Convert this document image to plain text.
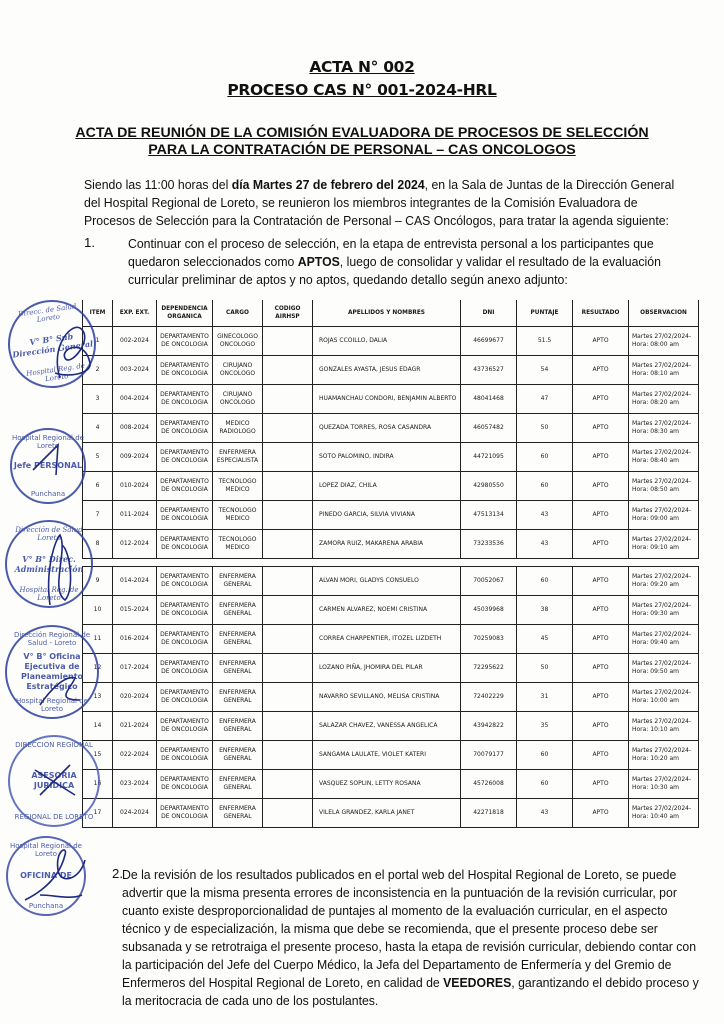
ACTA N° 002
PROCESO CAS N° 001-2024-HRL
ACTA DE REUNIÓN DE LA COMISIÓN EVALUADORA DE PROCESOS DE SELECCIÓN
PARA LA CONTRATACIÓN DE PERSONAL – CAS ONCOLOGOS
Siendo las 11:00 horas del día Martes 27 de febrero del 2024, en la Sala de Juntas de la Dirección General
del Hospital Regional de Loreto, se reunieron los miembros integrantes de la Comisión Evaluadora de
Procesos de Selección para la Contratación de Personal – CAS Oncólogos, para tratar la agenda siguiente:
1.	Continuar con el proceso de selección, en la etapa de entrevista personal a los participantes que
quedaron seleccionados como APTOS, luego de consolidar y validar el resultado de la evaluación
curricular preliminar de aptos y no aptos, quedando detallo según anexo adjunto:
ITEM	EXP. EXT.	DEPENDENCIA ORGANICA	CARGO	CODIGO AIRHSP	APELLIDOS Y NOMBRES	DNI	PUNTAJE	RESULTADO	OBSERVACION
1	002-2024	DEPARTAMENTO DE ONCOLOGIA	GINECOLOGO ONCOLOGO		ROJAS CCOILLO, DALIA	46699677	51.5	APTO	Martes 27/02/2024-
Hora: 08:00 am

2	003-2024	DEPARTAMENTO DE ONCOLOGIA	CIRUJANO ONCOLOGO		GONZALES AYASTA, JESUS EDAGR	43736527	54	APTO	Martes 27/02/2024-
Hora: 08:10 am

3	004-2024	DEPARTAMENTO DE ONCOLOGIA	CIRUJANO ONCOLOGO		HUAMANCHAU CONDORI, BENJAMIN ALBERTO	48041468	47	APTO	Martes 27/02/2024-
Hora: 08:20 am

4	008-2024	DEPARTAMENTO DE ONCOLOGIA	MEDICO RADIOLOGO		QUEZADA TORRES, ROSA CASANDRA	46057482	50	APTO	Martes 27/02/2024-
Hora: 08:30 am

5	009-2024	DEPARTAMENTO DE ONCOLOGIA	ENFERMERA ESPECIALISTA		SOTO PALOMINO, INDIRA	44721095	60	APTO	Martes 27/02/2024-
Hora: 08:40 am

6	010-2024	DEPARTAMENTO DE ONCOLOGIA	TECNOLOGO MEDICO		LOPEZ DIAZ, CHILA	42980550	60	APTO	Martes 27/02/2024-
Hora: 08:50 am

7	011-2024	DEPARTAMENTO DE ONCOLOGIA	TECNOLOGO MEDICO		PINEDO GARCIA, SILVIA VIVIANA	47513134	43	APTO	Martes 27/02/2024-
Hora: 09:00 am

8	012-2024	DEPARTAMENTO DE ONCOLOGIA	TECNOLOGO MEDICO		ZAMORA RUIZ, MAKARENA ARABIA	73233536	43	APTO	Martes 27/02/2024-
Hora: 09:10 am
9	014-2024	DEPARTAMENTO DE ONCOLOGIA	ENFERMERA GENERAL		ALVAN MORI, GLADYS CONSUELO	70052067	60	APTO	Martes 27/02/2024-
Hora: 09:20 am

10	015-2024	DEPARTAMENTO DE ONCOLOGIA	ENFERMERA GENERAL		CARMEN ALVAREZ, NOEMI CRISTINA	45039968	38	APTO	Martes 27/02/2024-
Hora: 09:30 am

11	016-2024	DEPARTAMENTO DE ONCOLOGIA	ENFERMERA GENERAL		CORREA CHARPENTIER, ITOZEL LIZDETH	70259083	45	APTO	Martes 27/02/2024-
Hora: 09:40 am

12	017-2024	DEPARTAMENTO DE ONCOLOGIA	ENFERMERA GENERAL		LOZANO PIÑA, JHOMIRA DEL PILAR	72295622	50	APTO	Martes 27/02/2024-
Hora: 09:50 am

13	020-2024	DEPARTAMENTO DE ONCOLOGIA	ENFERMERA GENERAL		NAVARRO SEVILLANO, MELISA CRISTINA	72402229	31	APTO	Martes 27/02/2024-
Hora: 10:00 am

14	021-2024	DEPARTAMENTO DE ONCOLOGIA	ENFERMERA GENERAL		SALAZAR CHAVEZ, VANESSA ANGELICA	43942822	35	APTO	Martes 27/02/2024-
Hora: 10:10 am

15	022-2024	DEPARTAMENTO DE ONCOLOGIA	ENFERMERA GENERAL		SANGAMA LAULATE, VIOLET KATERI	70079177	60	APTO	Martes 27/02/2024-
Hora: 10:20 am

16	023-2024	DEPARTAMENTO DE ONCOLOGIA	ENFERMERA GENERAL		VASQUEZ SOPLIN, LETTY ROSANA	45726008	60	APTO	Martes 27/02/2024-
Hora: 10:30 am

17	024-2024	DEPARTAMENTO DE ONCOLOGIA	ENFERMERA GENERAL		VILELA GRANDEZ, KARLA JANET	42271818	43	APTO	Martes 27/02/2024-
Hora: 10:40 am
2. De la revisión de los resultados publicados en el portal web del Hospital Regional de Loreto, se puede
advertir que la misma presenta errores de inconsistencia en la puntuación de la revisión curricular, por
cuanto existe desproporcionalidad de puntajes al momento de la evaluación curricular, en el aspecto
técnico y de especialización, la misma que debe se recomienda, que el presente proceso debe ser
subsanada y se retrotraiga el presente proceso, hasta la etapa de revisión curricular, debiendo contar con
la participación del Jefe del Cuerpo Médico, la Jefa del Departamento de Enfermería y del Gremio de
Enfermeros del Hospital Regional de Loreto, en calidad de VEEDORES, garantizando el debido proceso y
la meritocracia de cada uno de los postulantes.
Direcc. de Salud Loreto
V° B° Sub Dirección General
Hospital Reg. de Loreto
Hospital Regional de Loreto
Jefe PERSONAL
Punchana
Dirección de Salud Loreto
V° B° Direc. Administración
Hospital Reg. de Loreto
Dirección Regional de Salud - Loreto
V° B° Oficina Ejecutiva de Planeamiento Estratégico
Hospital Regional de Loreto
DIRECCION REGIONAL
ASESORIA JURIDICA
REGIONAL DE LORETO
Hospital Regional de Loreto
OFICINA DE
Punchana
